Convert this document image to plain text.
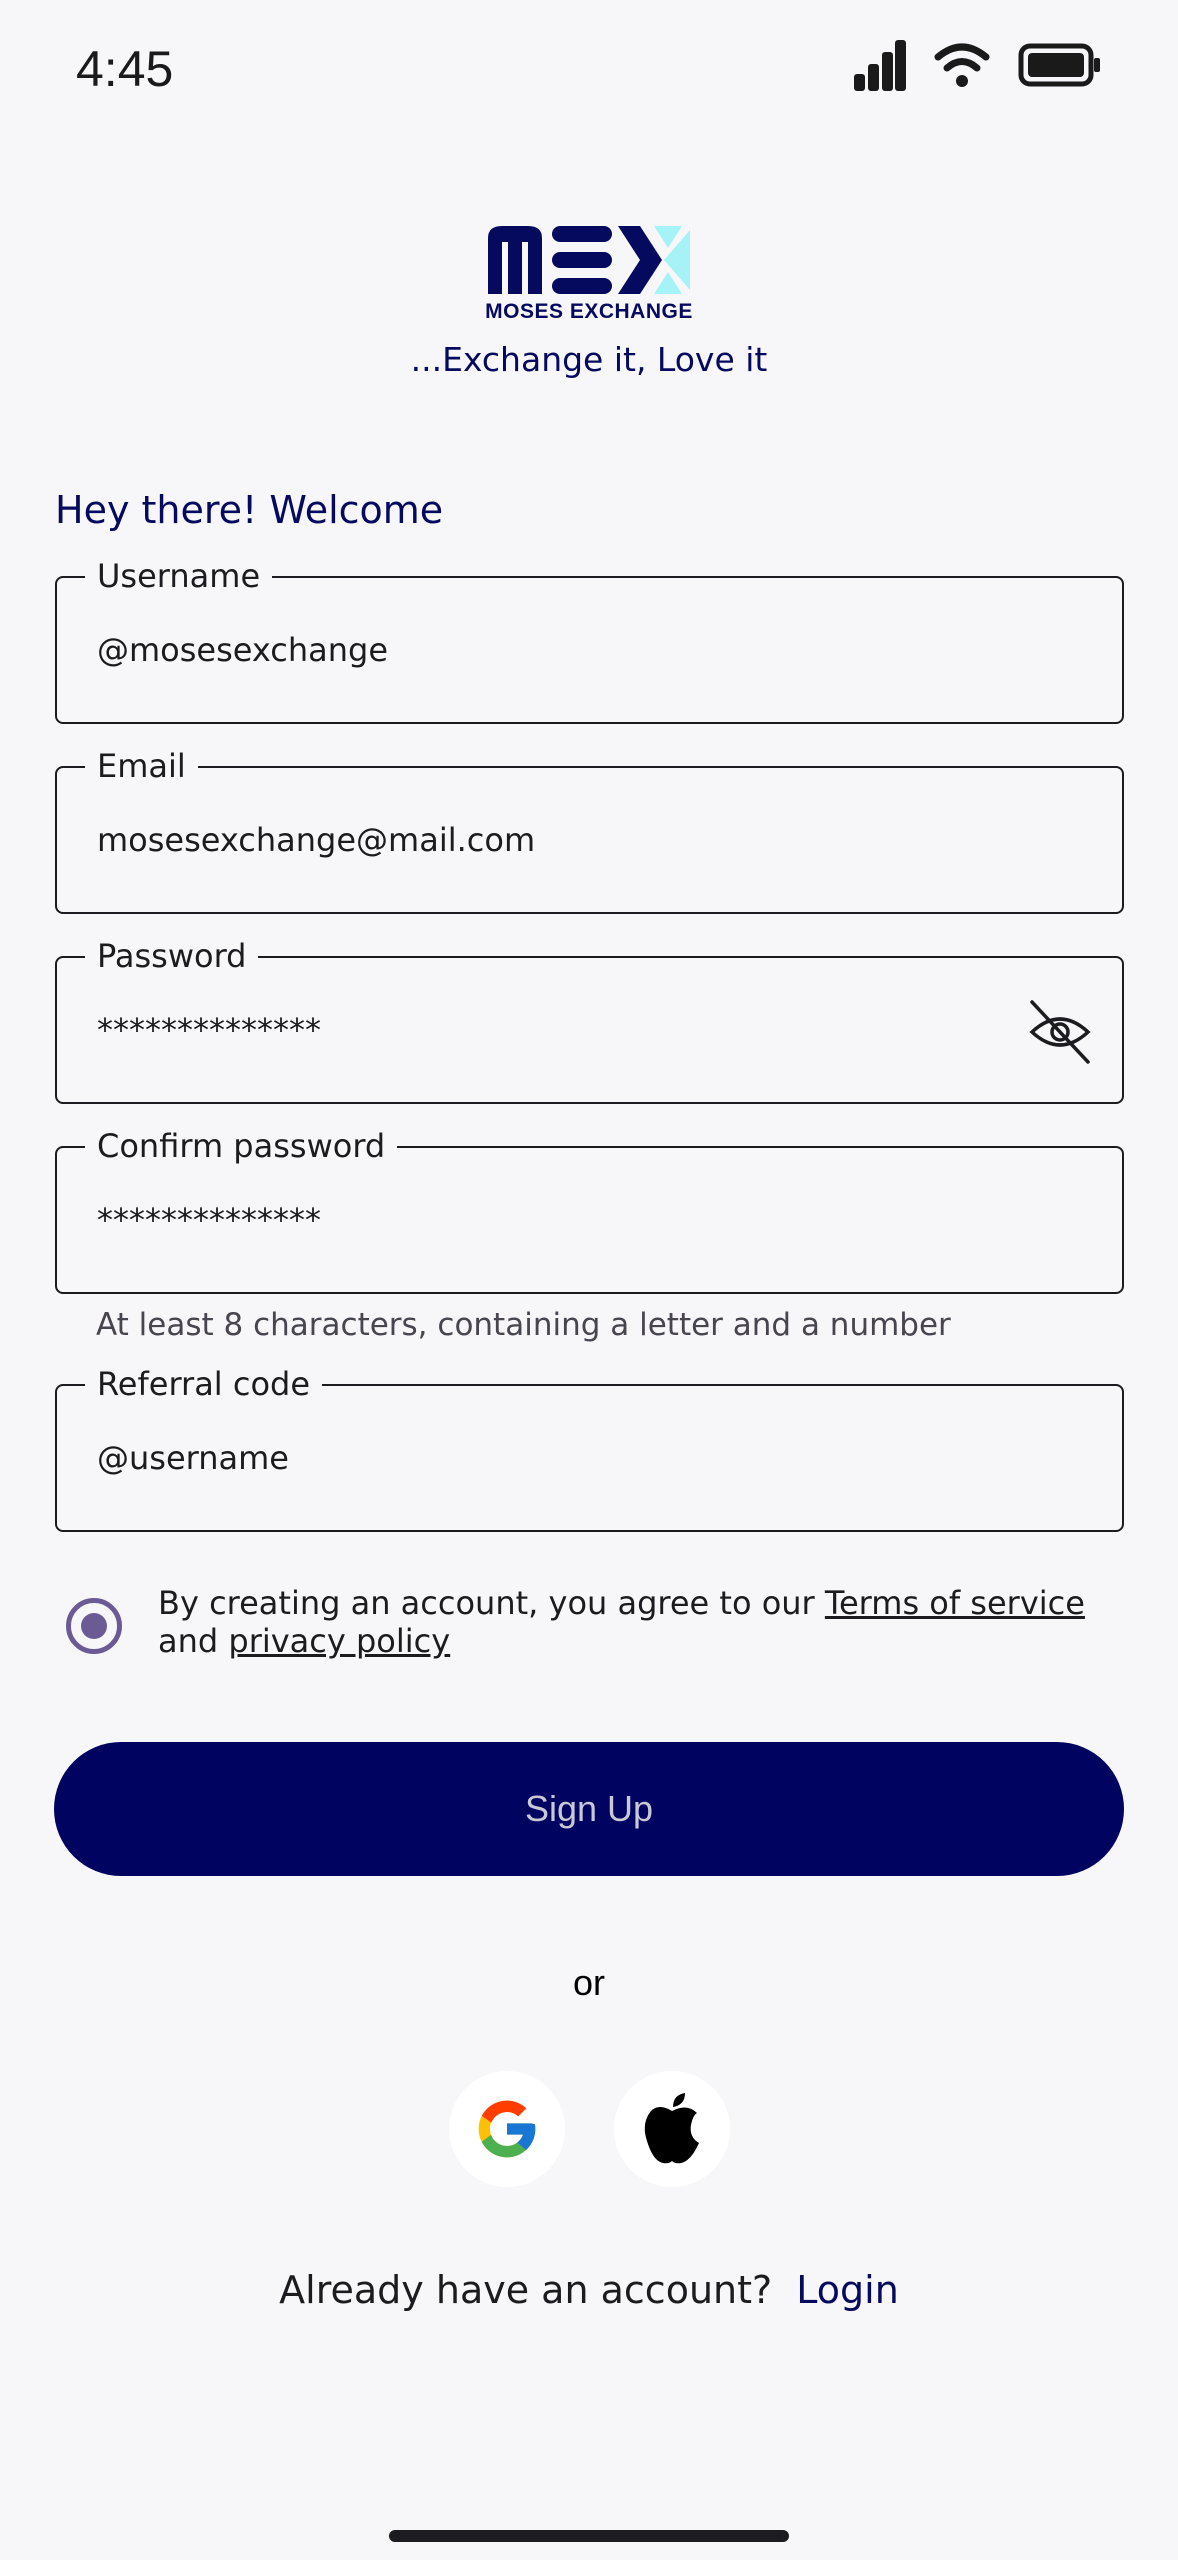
4:45
MOSES EXCHANGE
...Exchange it, Love it
Hey there! Welcome
Username
@mosesexchange
Email
mosesexchange@mail.com
Password
**************
Confirm password
**************
At least 8 characters, containing a letter and a number
Referral code
@username
By creating an account, you agree to our Terms of service and privacy policy
Sign Up
or
Already have an account? Login
